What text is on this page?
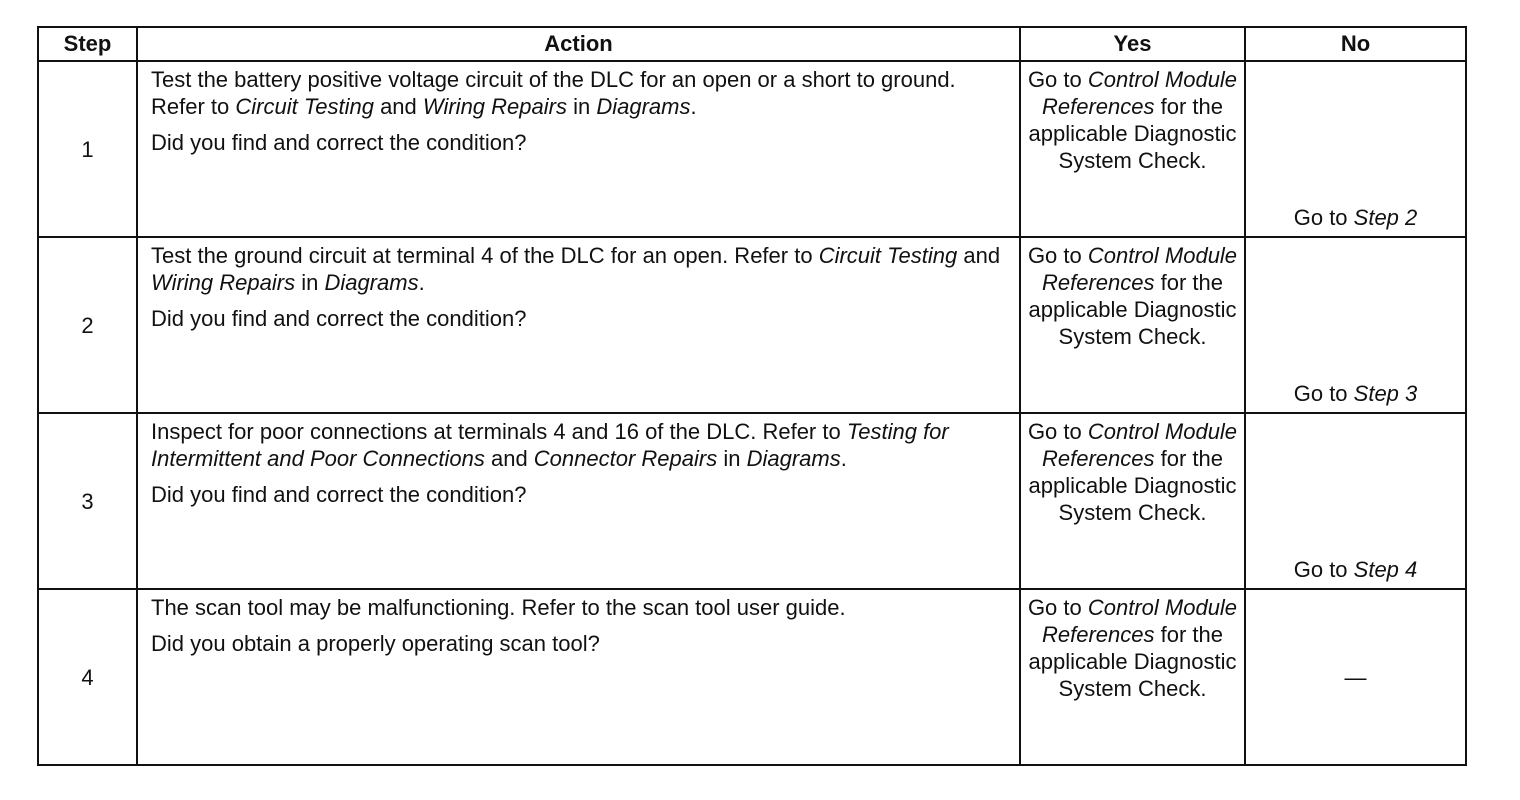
Step	Action	Yes	No
1	Test the battery positive voltage circuit of the DLC for an open or a short to ground. Refer to Circuit Testing and Wiring Repairs in Diagrams.

Did you find and correct the condition?	Go to Control Module References for the applicable Diagnostic System Check.	Go to Step 2
2	Test the ground circuit at terminal 4 of the DLC for an open. Refer to Circuit Testing and Wiring Repairs in Diagrams.

Did you find and correct the condition?	Go to Control Module References for the applicable Diagnostic System Check.	Go to Step 3
3	Inspect for poor connections at terminals 4 and 16 of the DLC. Refer to Testing for Intermittent and Poor Connections and Connector Repairs in Diagrams.

Did you find and correct the condition?	Go to Control Module References for the applicable Diagnostic System Check.	Go to Step 4
4	The scan tool may be malfunctioning. Refer to the scan tool user guide.

Did you obtain a properly operating scan tool?	Go to Control Module References for the applicable Diagnostic System Check.	—
